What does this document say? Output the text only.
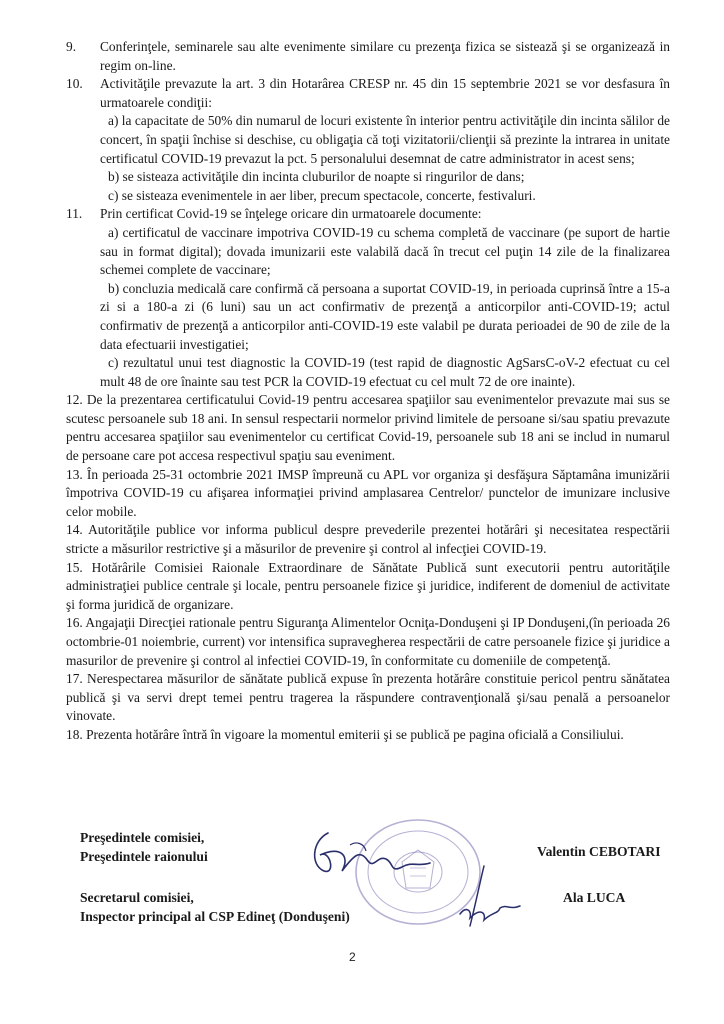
9.	Conferinţele, seminarele sau alte evenimente similare cu prezenţa fizica se sistează şi se organizează in regim on-line.
10.	Activităţile prevazute la art. 3 din Hotarârea CRESP nr. 45 din 15 septembrie 2021 se vor desfasura în urmatoarele condiţii:

a) la capacitate de 50% din numarul de locuri existente în interior pentru activităţile din incinta sălilor de concert, în spaţii închise si deschise, cu obligaţia că toţi vizitatorii/clienţii să prezinte la intrarea in unitate certificatul COVID-19 prevazut la pct. 5 personalului desemnat de catre administrator in acest sens;

b) se sisteaza activităţile din incinta cluburilor de noapte si ringurilor de dans;

c) se sisteaza evenimentele in aer liber, precum spectacole, concerte, festivaluri.

11.	Prin certificat Covid-19 se înţelege oricare din urmatoarele documente:

a) certificatul de vaccinare impotriva COVID-19 cu schema completă de vaccinare (pe suport de hartie sau in format digital); dovada imunizarii este valabilă dacă în trecut cel puţin 14 zile de la finalizarea schemei complete de vaccinare;

b) concluzia medicală care confirmă că persoana a suportat COVID-19, in perioada cuprinsă între a 15-a zi si a 180-a zi (6 luni) sau un act confirmativ de prezenţă a anticorpilor anti-COVID-19; actul confirmativ de prezenţă a anticorpilor anti-COVID-19 este valabil pe durata perioadei de 90 de zile de la data efectuarii investigatiei;

c) rezultatul unui test diagnostic la COVID-19 (test rapid de diagnostic AgSarsC-oV-2 efectuat cu cel mult 48 de ore înainte sau test PCR la COVID-19 efectuat cu cel mult 72 de ore inainte).

12. De la prezentarea certificatului Covid-19 pentru accesarea spaţiilor sau evenimentelor prevazute mai sus se scutesc persoanele sub 18 ani. In sensul respectarii normelor privind limitele de persoane si/sau spatiu prevazute pentru accesarea spaţiilor sau evenimentelor cu certificat Covid-19, persoanele sub 18 ani se includ in numarul de persoane care pot accesa respectivul spaţiu sau eveniment.

13. În perioada 25-31 octombrie 2021 IMSP împreună cu APL vor organiza şi desfăşura Săptamâna imunizării împotriva COVID-19 cu afişarea informaţiei privind amplasarea Centrelor/ punctelor de imunizare inclusive celor mobile.

14. Autorităţile publice vor informa publicul despre prevederile prezentei hotărâri şi necesitatea respectării stricte a măsurilor restrictive şi a măsurilor de prevenire şi control al infecţiei COVID-19.

15. Hotărârile Comisiei Raionale Extraordinare de Sănătate Publică sunt executorii pentru autorităţile administraţiei publice centrale şi locale, pentru persoanele fizice şi juridice, indiferent de domeniul de activitate şi forma juridică de organizare.

16. Angajaţii Direcţiei rationale pentru Siguranţa Alimentelor Ocniţa-Donduşeni şi IP Donduşeni,(în perioada 26 octombrie-01 noiembrie, current) vor intensifica supravegherea respectării de catre persoanele fizice şi juridice a masurilor de prevenire şi control al infectiei COVID-19, în conformitate cu domeniile de competenţă.

17. Nerespectarea măsurilor de sănătate publică expuse în prezenta hotărâre constituie pericol pentru sănătatea publică şi va servi drept temei pentru tragerea la răspundere contravenţională şi/sau penală a persoanelor vinovate.

18. Prezenta hotărâre întră în vigoare la momentul emiterii şi se publică pe pagina oficială a Consiliului.

Preşedintele comisiei,
Preşedintele raionului	Valentin CEBOTARI
Secretarul comisiei,
Inspector principal al CSP Edineţ (Donduşeni)
Ala LUCA
2
